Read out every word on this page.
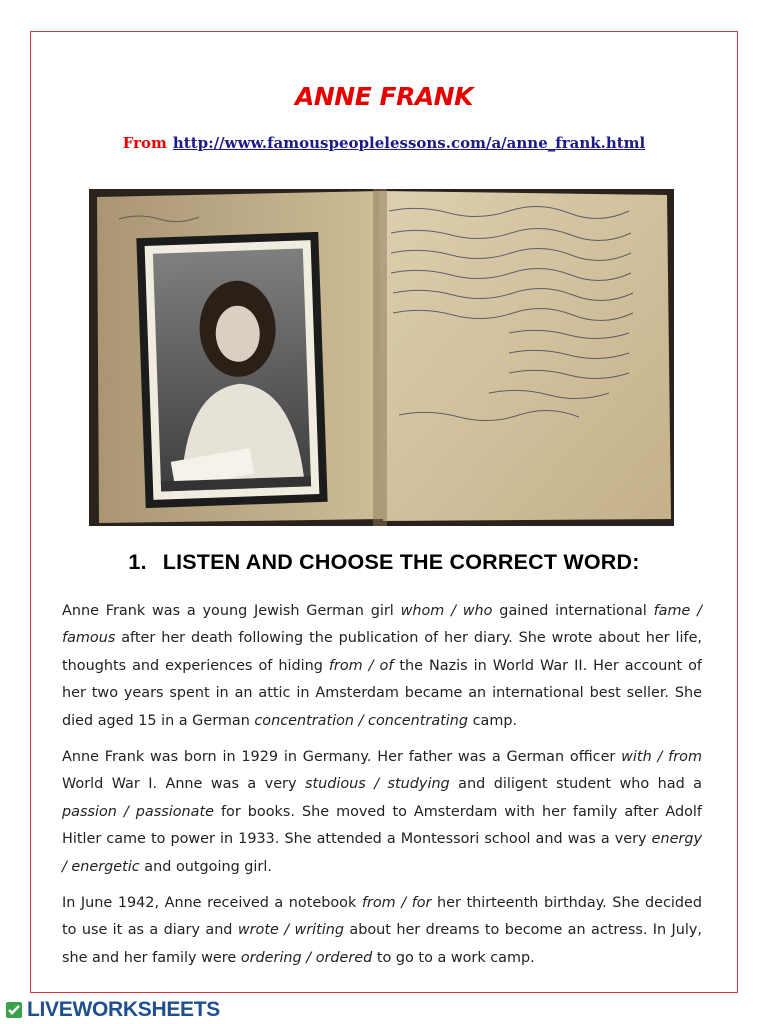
ANNE FRANK
From http://www.famouspeoplelessons.com/a/anne_frank.html
1. LISTEN AND CHOOSE THE CORRECT WORD:

Anne Frank was a young Jewish German girl whom / who gained international fame / famous after her death following the publication of her diary. She wrote about her life, thoughts and experiences of hiding from / of the Nazis in World War II. Her account of her two years spent in an attic in Amsterdam became an international best seller. She died aged 15 in a German concentration / concentrating camp.

Anne Frank was born in 1929 in Germany. Her father was a German officer with / from World War I. Anne was a very studious / studying and diligent student who had a passion / passionate for books. She moved to Amsterdam with her family after Adolf Hitler came to power in 1933. She attended a Montessori school and was a very energy / energetic and outgoing girl.

In June 1942, Anne received a notebook from / for her thirteenth birthday. She decided to use it as a diary and wrote / writing about her dreams to become an actress. In July, she and her family were ordering / ordered to go to a work camp.

LIVEWORKSHEETS
